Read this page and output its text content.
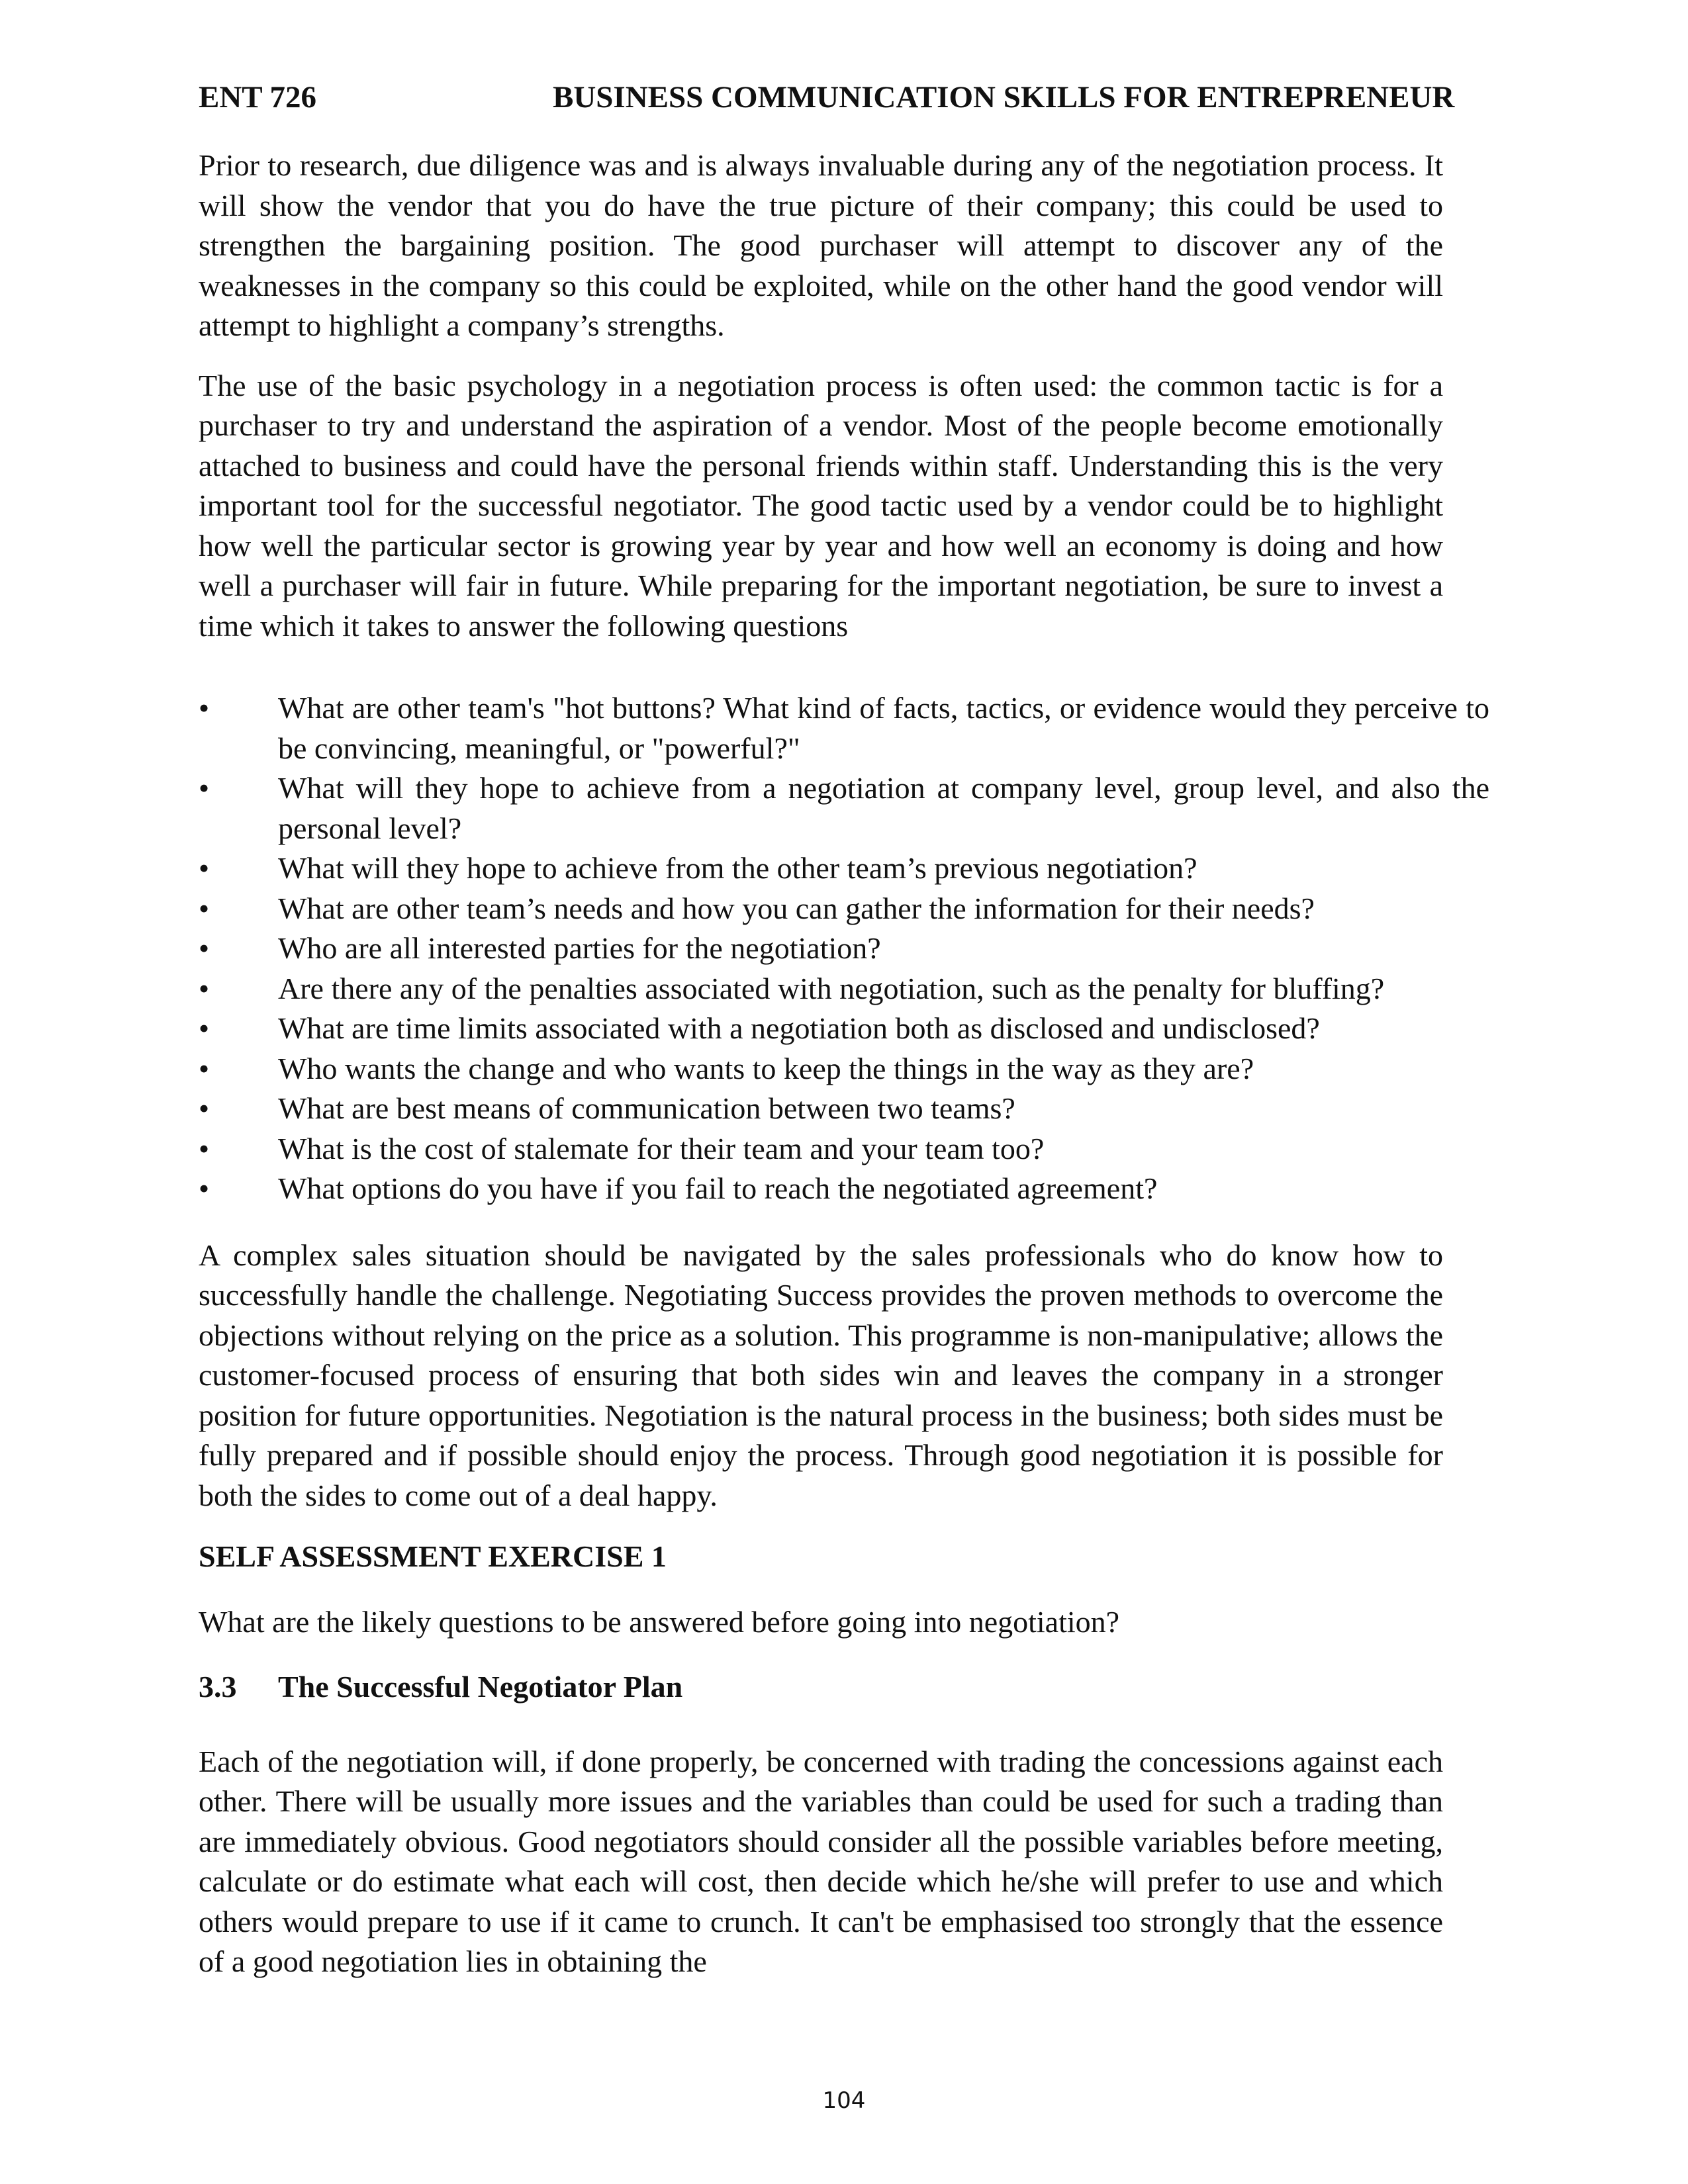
ENT 726	BUSINESS COMMUNICATION SKILLS FOR ENTREPRENEUR

Prior to research, due diligence was and is always invaluable during any of the negotiation process. It will show the vendor that you do have the true picture of their company; this could be used to strengthen the bargaining position. The good purchaser will attempt to discover any of the weaknesses in the company so this could be exploited, while on the other hand the good vendor will attempt to highlight a company’s strengths.

The use of the basic psychology in a negotiation process is often used: the common tactic is for a purchaser to try and understand the aspiration of a vendor. Most of the people become emotionally attached to business and could have the personal friends within staff. Understanding this is the very important tool for the successful negotiator. The good tactic used by a vendor could be to highlight how well the particular sector is growing year by year and how well an economy is doing and how well a purchaser will fair in future. While preparing for the important negotiation, be sure to invest a time which it takes to answer the following questions

•	What are other team's "hot buttons? What kind of facts, tactics, or evidence would they perceive to be convincing, meaningful, or "powerful?"
•	What will they hope to achieve from a negotiation at company level, group level, and also the personal level?
•	What will they hope to achieve from the other team’s previous negotiation?
•	What are other team’s needs and how you can gather the information for their needs?
•	Who are all interested parties for the negotiation?
•	Are there any of the penalties associated with negotiation, such as the penalty for bluffing?
•	What are time limits associated with a negotiation both as disclosed and undisclosed?
•	Who wants the change and who wants to keep the things in the way as they are?
•	What are best means of communication between two teams?
•	What is the cost of stalemate for their team and your team too?
•	What options do you have if you fail to reach the negotiated agreement?

A complex sales situation should be navigated by the sales professionals who do know how to successfully handle the challenge. Negotiating Success provides the proven methods to overcome the objections without relying on the price as a solution. This programme is non-manipulative; allows the customer-focused process of ensuring that both sides win and leaves the company in a stronger position for future opportunities. Negotiation is the natural process in the business; both sides must be fully prepared and if possible should enjoy the process. Through good negotiation it is possible for both the sides to come out of a deal happy.

SELF ASSESSMENT EXERCISE 1

What are the likely questions to be answered before going into negotiation?

3.3 The Successful Negotiator Plan

Each of the negotiation will, if done properly, be concerned with trading the concessions against each other. There will be usually more issues and the variables than could be used for such a trading than are immediately obvious. Good negotiators should consider all the possible variables before meeting, calculate or do estimate what each will cost, then decide which he/she will prefer to use and which others would prepare to use if it came to crunch. It can't be emphasised too strongly that the essence of a good negotiation lies in obtaining the

104
